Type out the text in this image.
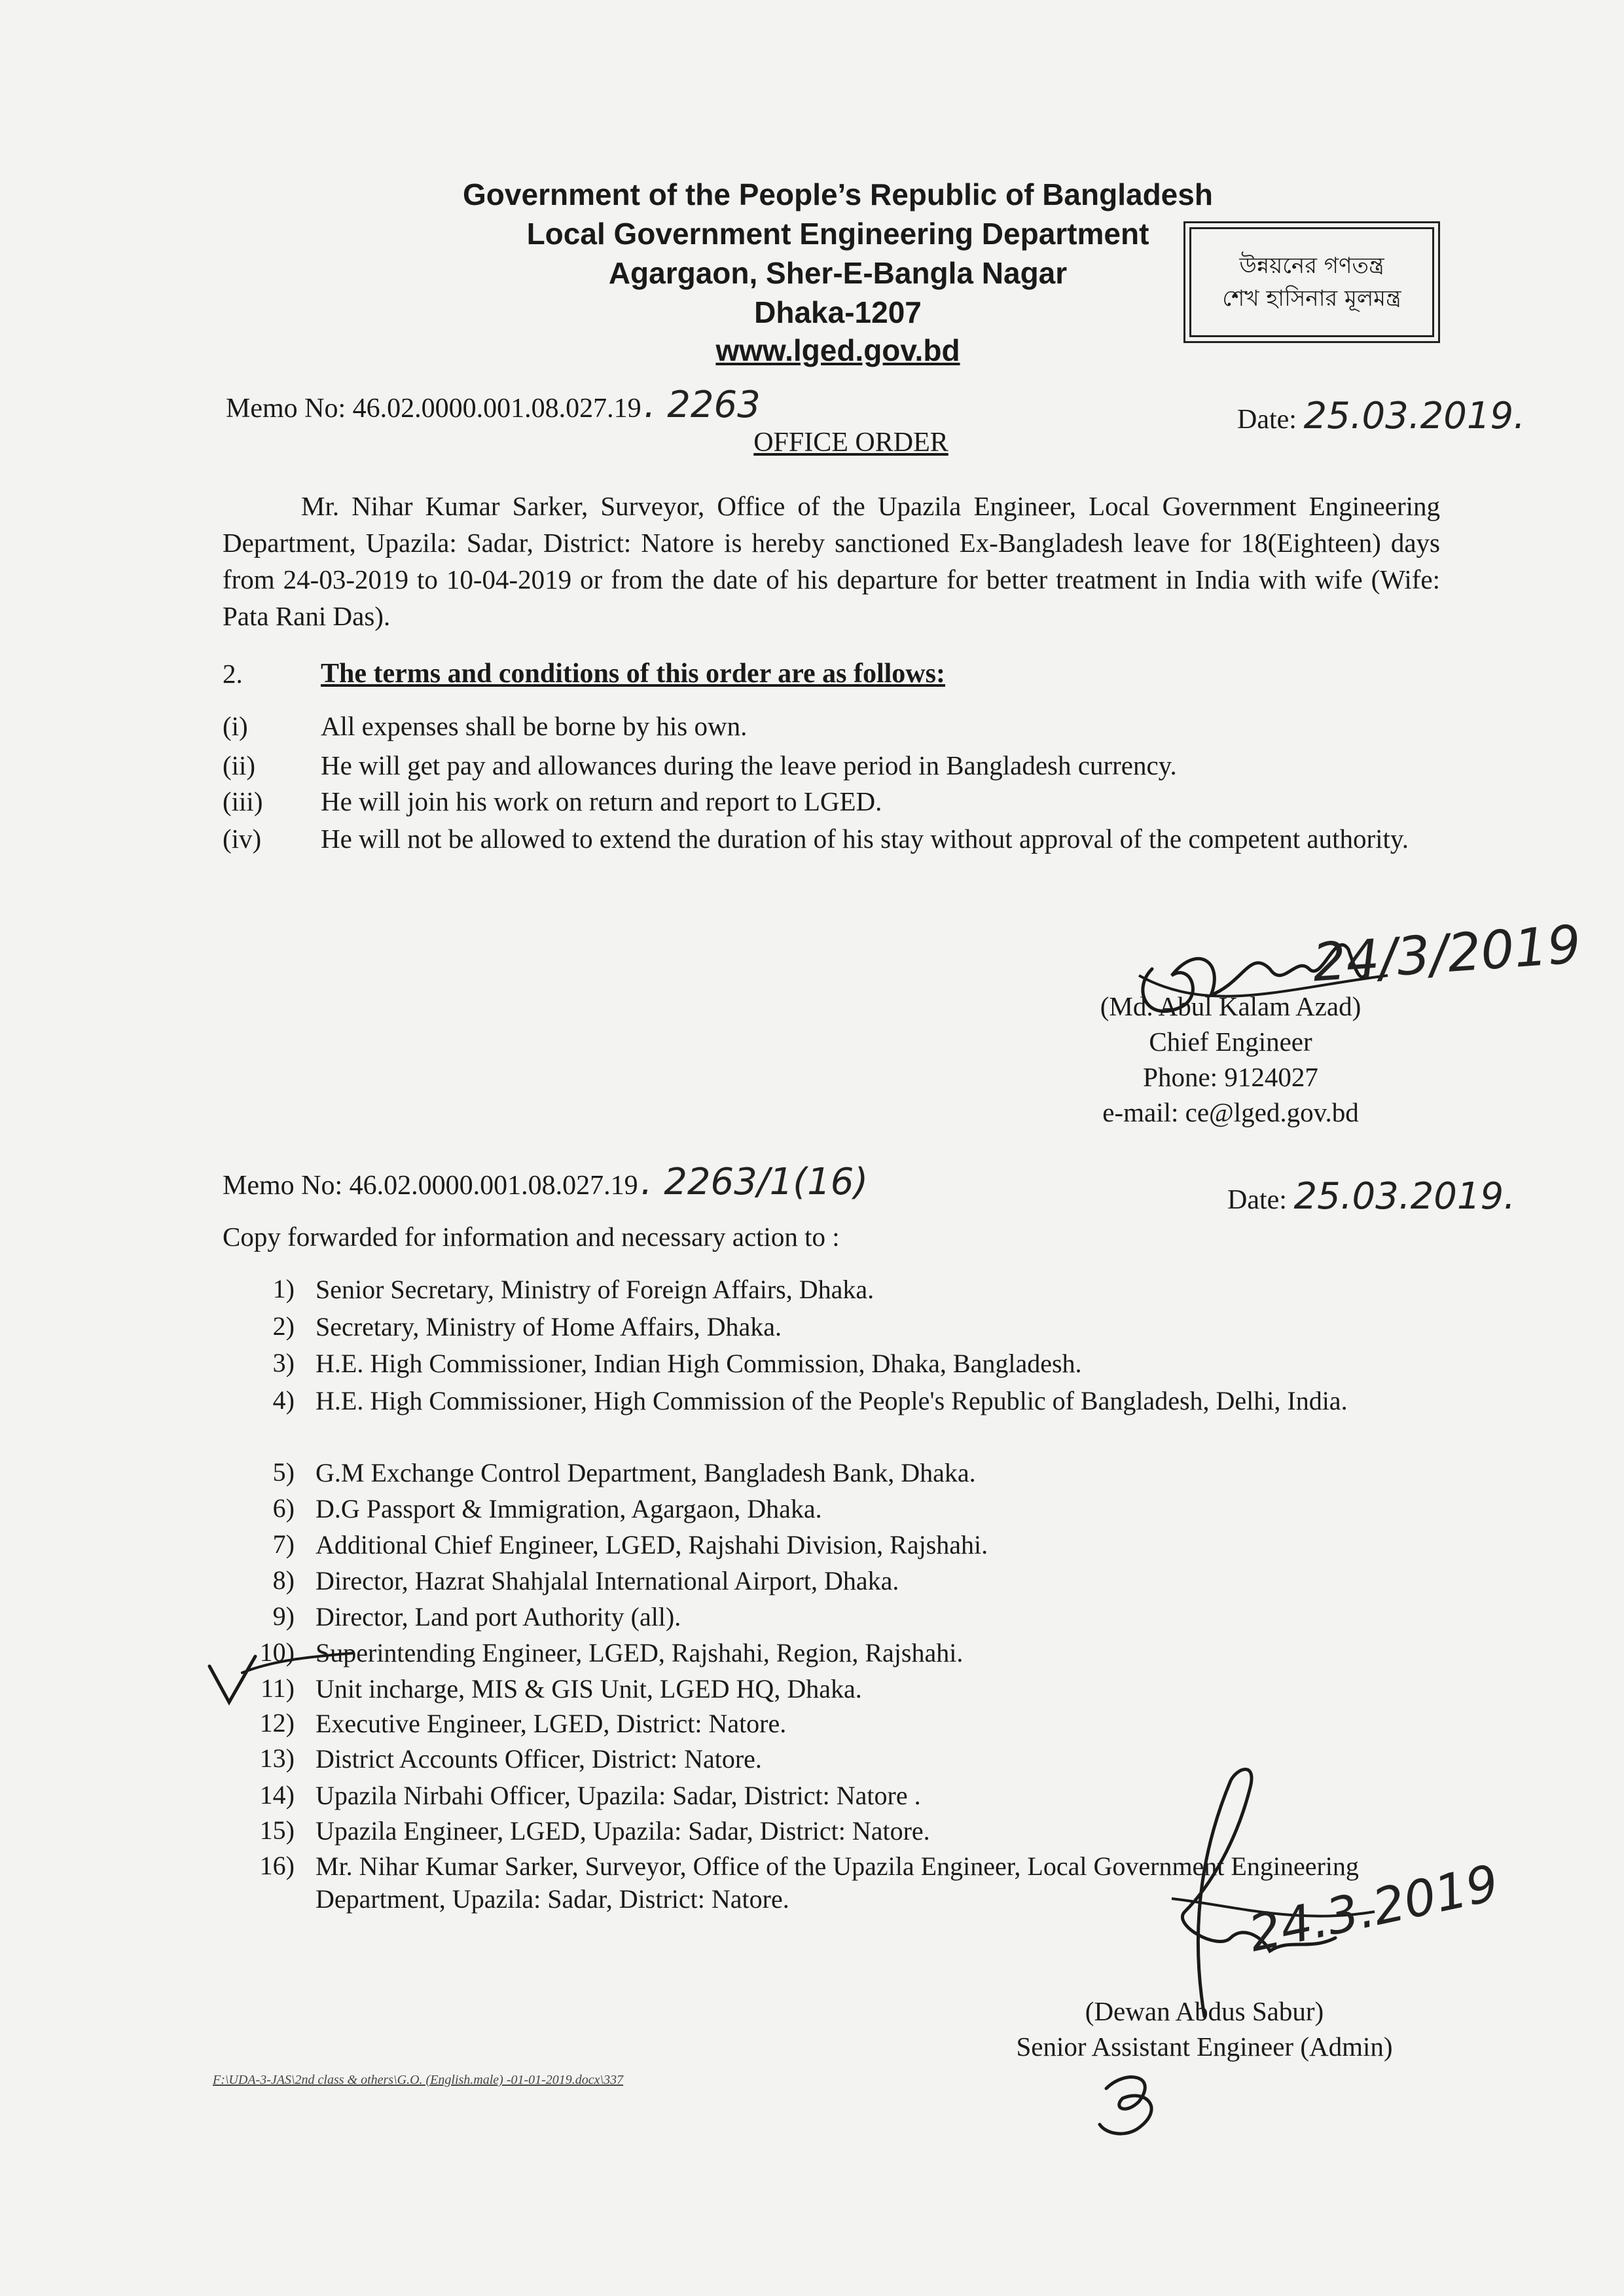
Government of the People’s Republic of Bangladesh
Local Government Engineering Department
Agargaon, Sher-E-Bangla Nagar
Dhaka-1207
www.lged.gov.bd
উন্নয়নের গণতন্ত্র
শেখ হাসিনার মূলমন্ত্র
Memo No: 46.02.0000.001.08.027.19. 2263	Date: 25.03.2019.
OFFICE ORDER
Mr. Nihar Kumar Sarker, Surveyor, Office of the Upazila Engineer, Local Government Engineering Department, Upazila: Sadar, District: Natore is hereby sanctioned Ex-Bangladesh leave for 18(Eighteen) days from 24-03-2019 to 10-04-2019 or from the date of his departure for better treatment in India with wife (Wife: Pata Rani Das).
2.	The terms and conditions of this order are as follows:
(i)	All expenses shall be borne by his own.
(ii)	He will get pay and allowances during the leave period in Bangladesh currency.
(iii)	He will join his work on return and report to LGED.
(iv)	He will not be allowed to extend the duration of his stay without approval of the competent authority.
24/3/2019
(Md. Abul Kalam Azad)
Chief Engineer
Phone: 9124027
e-mail: ce@lged.gov.bd
Memo No: 46.02.0000.001.08.027.19. 2263/1(16)	Date: 25.03.2019.
Copy forwarded for information and necessary action to :
1) Senior Secretary, Ministry of Foreign Affairs, Dhaka.
2) Secretary, Ministry of Home Affairs, Dhaka.
3) H.E. High Commissioner, Indian High Commission, Dhaka, Bangladesh.
4) H.E. High Commissioner, High Commission of the People's Republic of Bangladesh, Delhi, India.
5) G.M Exchange Control Department, Bangladesh Bank, Dhaka.
6) D.G Passport & Immigration, Agargaon, Dhaka.
7) Additional Chief Engineer, LGED, Rajshahi Division, Rajshahi.
8) Director, Hazrat Shahjalal International Airport, Dhaka.
9) Director, Land port Authority (all).
10) Superintending Engineer, LGED, Rajshahi, Region, Rajshahi.
11) Unit incharge, MIS & GIS Unit, LGED HQ, Dhaka.
12) Executive Engineer, LGED, District: Natore.
13) District Accounts Officer, District: Natore.
14) Upazila Nirbahi Officer, Upazila: Sadar, District: Natore .
15) Upazila Engineer, LGED, Upazila: Sadar, District: Natore.
16) Mr. Nihar Kumar Sarker, Surveyor, Office of the Upazila Engineer, Local Government Engineering Department, Upazila: Sadar, District: Natore.	24.3.2019
(Dewan Abdus Sabur)
Senior Assistant Engineer (Admin)
F:\UDA-3-JAS\2nd class & others\G.O. (English.male) -01-01-2019.docx\337
